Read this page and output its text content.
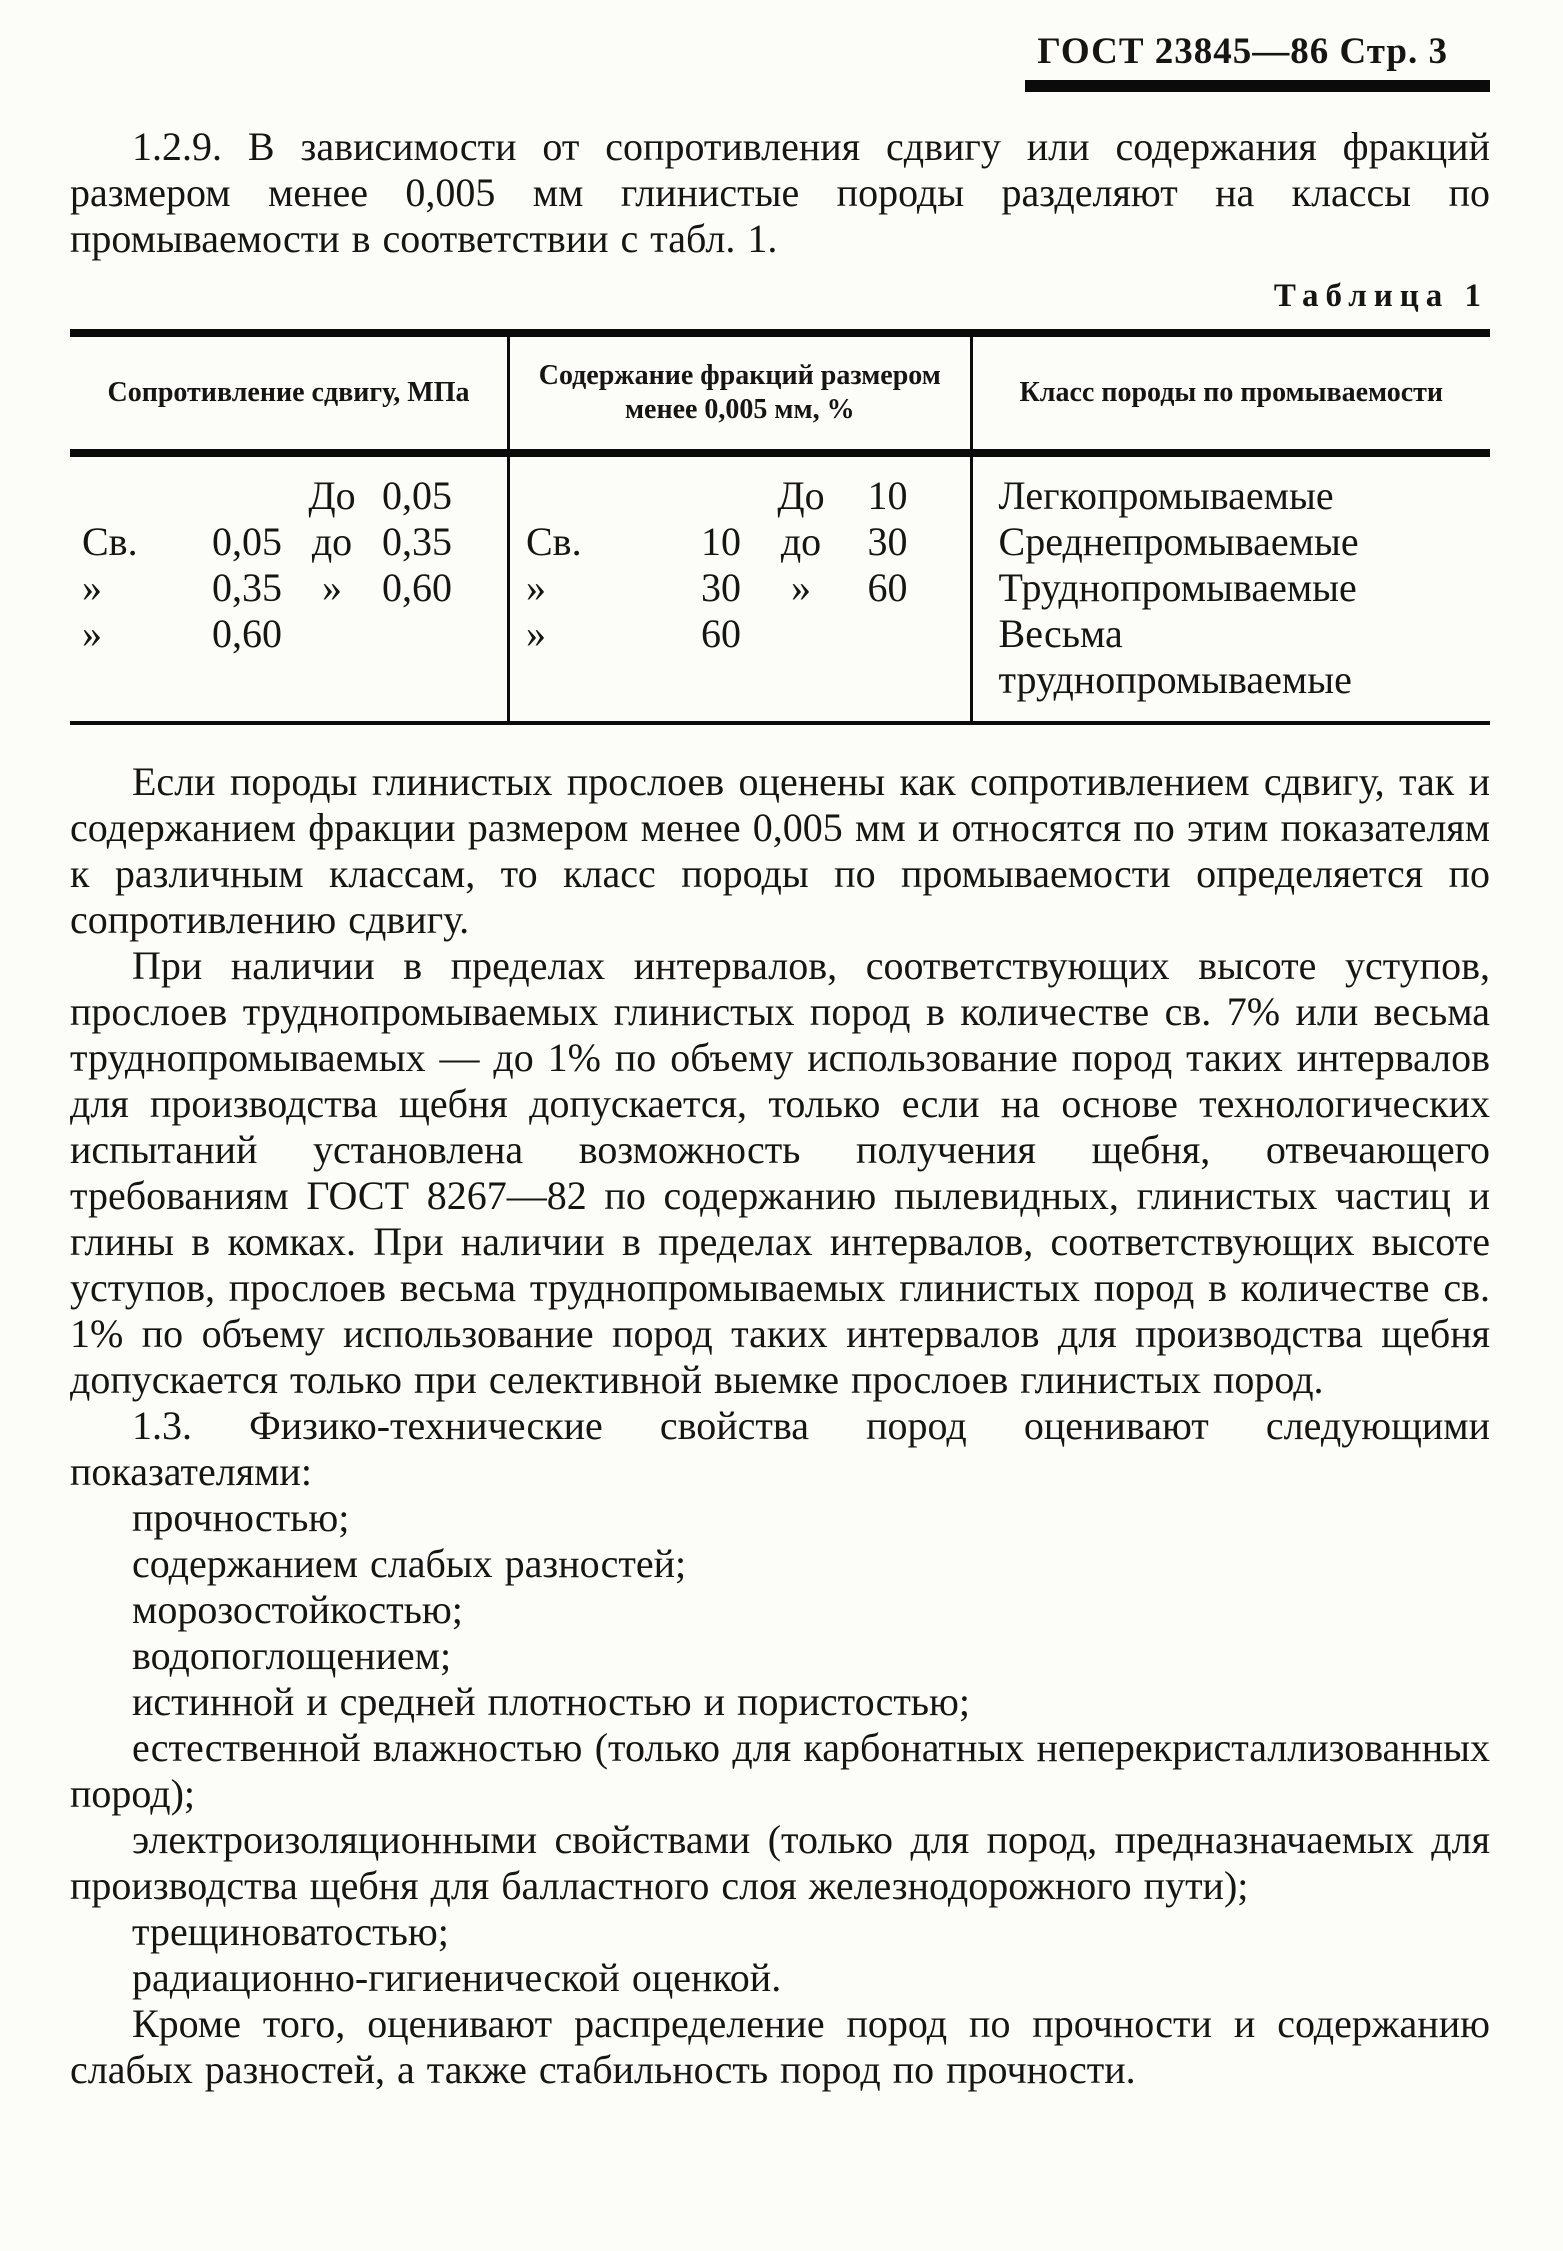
ГОСТ 23845—86 Стр. 3

1.2.9. В зависимости от сопротивления сдвигу или содержания фракций размером менее 0,005 мм глинистые породы разделяют на классы по промываемости в соответствии с табл. 1.

Таблица 1
Сопротивление сдвигу, МПа	Содержание фракций размером менее 0,005 мм, %	Класс породы по промываемости

До 0,05	До 10	Легкопромываемые

Св. 0,05 до 0,35	Св. 10 до 30	Среднепромываемые

» 0,35 » 0,60	» 30 » 60	Труднопромываемые

» 0,60	» 60	Весьма труднопромываемые

Если породы глинистых прослоев оценены как сопротивлением сдвигу, так и содержанием фракции размером менее 0,005 мм и относятся по этим показателям к различным классам, то класс породы по промываемости определяется по сопротивлению сдвигу.

При наличии в пределах интервалов, соответствующих высоте уступов, прослоев труднопромываемых глинистых пород в количестве св. 7% или весьма труднопромываемых — до 1% по объему использование пород таких интервалов для производства щебня допускается, только если на основе технологических испытаний установлена возможность получения щебня, отвечающего требованиям ГОСТ 8267—82 по содержанию пылевидных, глинистых частиц и глины в комках. При наличии в пределах интервалов, соответствующих высоте уступов, прослоев весьма труднопромываемых глинистых пород в количестве св. 1% по объему использование пород таких интервалов для производства щебня допускается только при селективной выемке прослоев глинистых пород.

1.3. Физико-технические свойства пород оценивают следующими показателями:

прочностью;

содержанием слабых разностей;

морозостойкостью;

водопоглощением;

истинной и средней плотностью и пористостью;

естественной влажностью (только для карбонатных неперекристаллизованных пород);

электроизоляционными свойствами (только для пород, предназначаемых для производства щебня для балластного слоя железнодорожного пути);

трещиноватостью;

радиационно-гигиенической оценкой.

Кроме того, оценивают распределение пород по прочности и содержанию слабых разностей, а также стабильность пород по прочности.
